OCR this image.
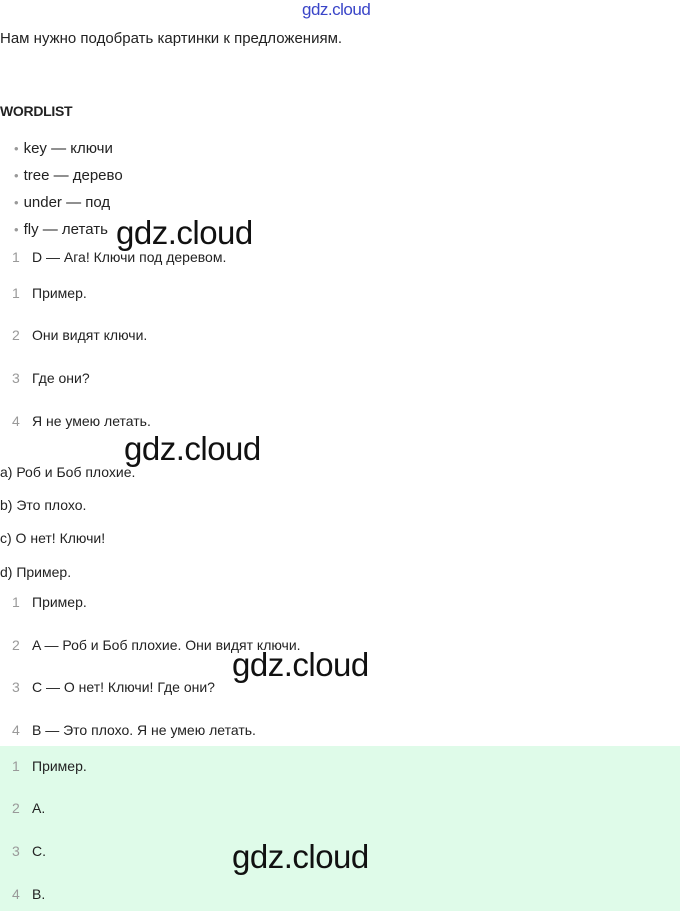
gdz.cloud
Нам нужно подобрать картинки к предложениям.
WORDLIST
• key — ключи
• tree — дерево
• under — под
• fly — летать
1 D — Ага! Ключи под деревом.
1 Пример.
2 Они видят ключи.
3 Где они?
4 Я не умею летать.
a) Роб и Боб плохие.
b) Это плохо.
c) О нет! Ключи!
d) Пример.
1 Пример.
2 A — Роб и Боб плохие. Они видят ключи.
3 C — О нет! Ключи! Где они?
4 B — Это плохо. Я не умею летать.
1 Пример.
2 A.
3 C.
4 B.
gdz.cloud
gdz.cloud
gdz.cloud
gdz.cloud
